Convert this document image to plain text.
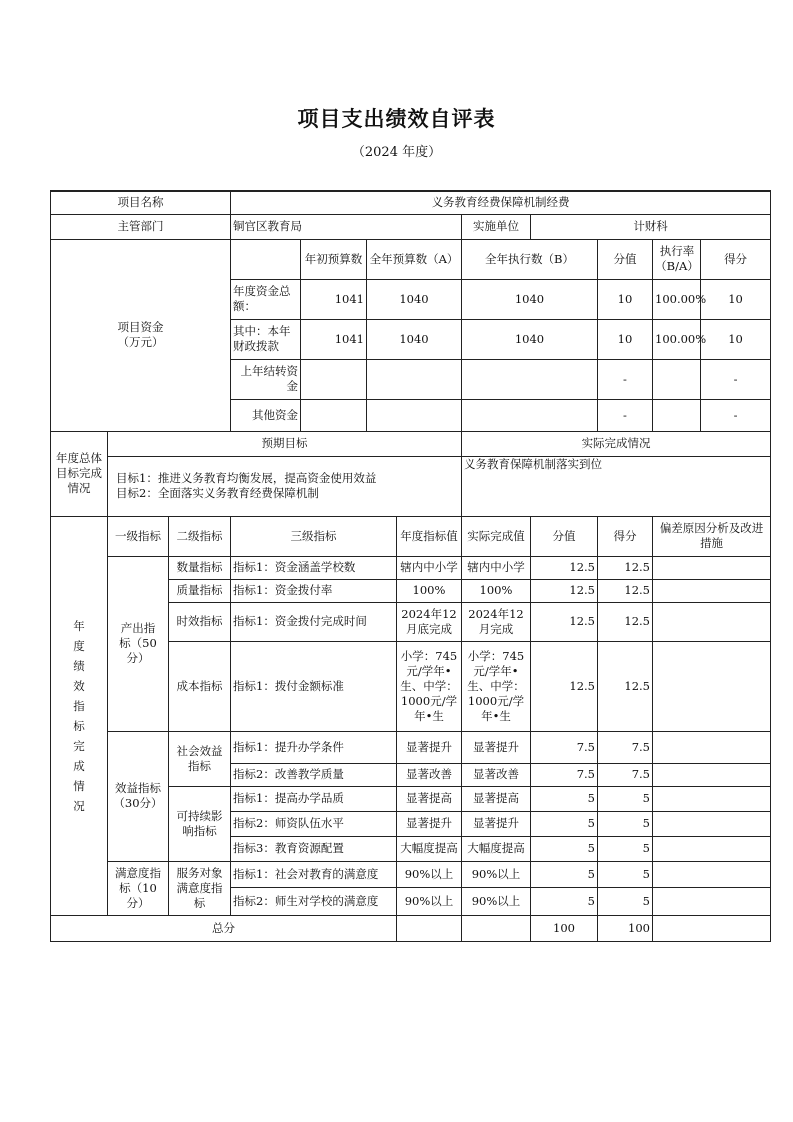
项目支出绩效自评表
（2024 年度）
项目名称			义务教育经费保障机制经费								
主管部门			铜官区教育局				实施单位	计财科			

项目资金（万元）				年初预算数	全年预算数（A）		全年执行数（B）		分值	执行率（B/A）	得分
			年度资金总额：	1041	1040		1040		10	100.00%	10
			其中：本年财政拨款	1041	1040		1040		10	100.00%	10
			上年结转资金						-		-
			其他资金						-		-
年度总体目标完成情况	预期目标						实际完成情况				

	目标1：推进义务教育均衡发展，提高资金使用效益
目标2：全面落实义务教育经费保障机制						义务教育保障机制落实到位				

年度绩效指标完成情况	一级指标	二级指标	三级指标			年度指标值	实际完成值	分值	得分	偏差原因分析及改进措施	

	产出指标（50分）	数量指标	指标1：资金涵盖学校数			辖内中小学	辖内中小学	12.5	12.5		
		质量指标	指标1：资金拨付率			100%	100%	12.5	12.5		
		时效指标	指标1：资金拨付完成时间			2024年12月底完成	2024年12月完成	12.5	12.5		
		成本指标	指标1：拨付金额标准			小学：745元/学年•生、中学：1000元/学年•生	小学：745元/学年•生、中学：1000元/学年•生	12.5	12.5		

	效益指标（30分）	社会效益指标	指标1：提升办学条件			显著提升	显著提升	7.5	7.5		
			指标2：改善教学质量			显著改善	显著改善	7.5	7.5		

		可持续影响指标	指标1：提高办学品质			显著提高	显著提高	5	5		
			指标2：师资队伍水平			显著提升	显著提升	5	5		
			指标3：教育资源配置			大幅度提高	大幅度提高	5	5		

	满意度指标（10分）	服务对象满意度指标	指标1：社会对教育的满意度			90%以上	90%以上	5	5		
			指标2：师生对学校的满意度			90%以上	90%以上	5	5		
总分								100	100		
